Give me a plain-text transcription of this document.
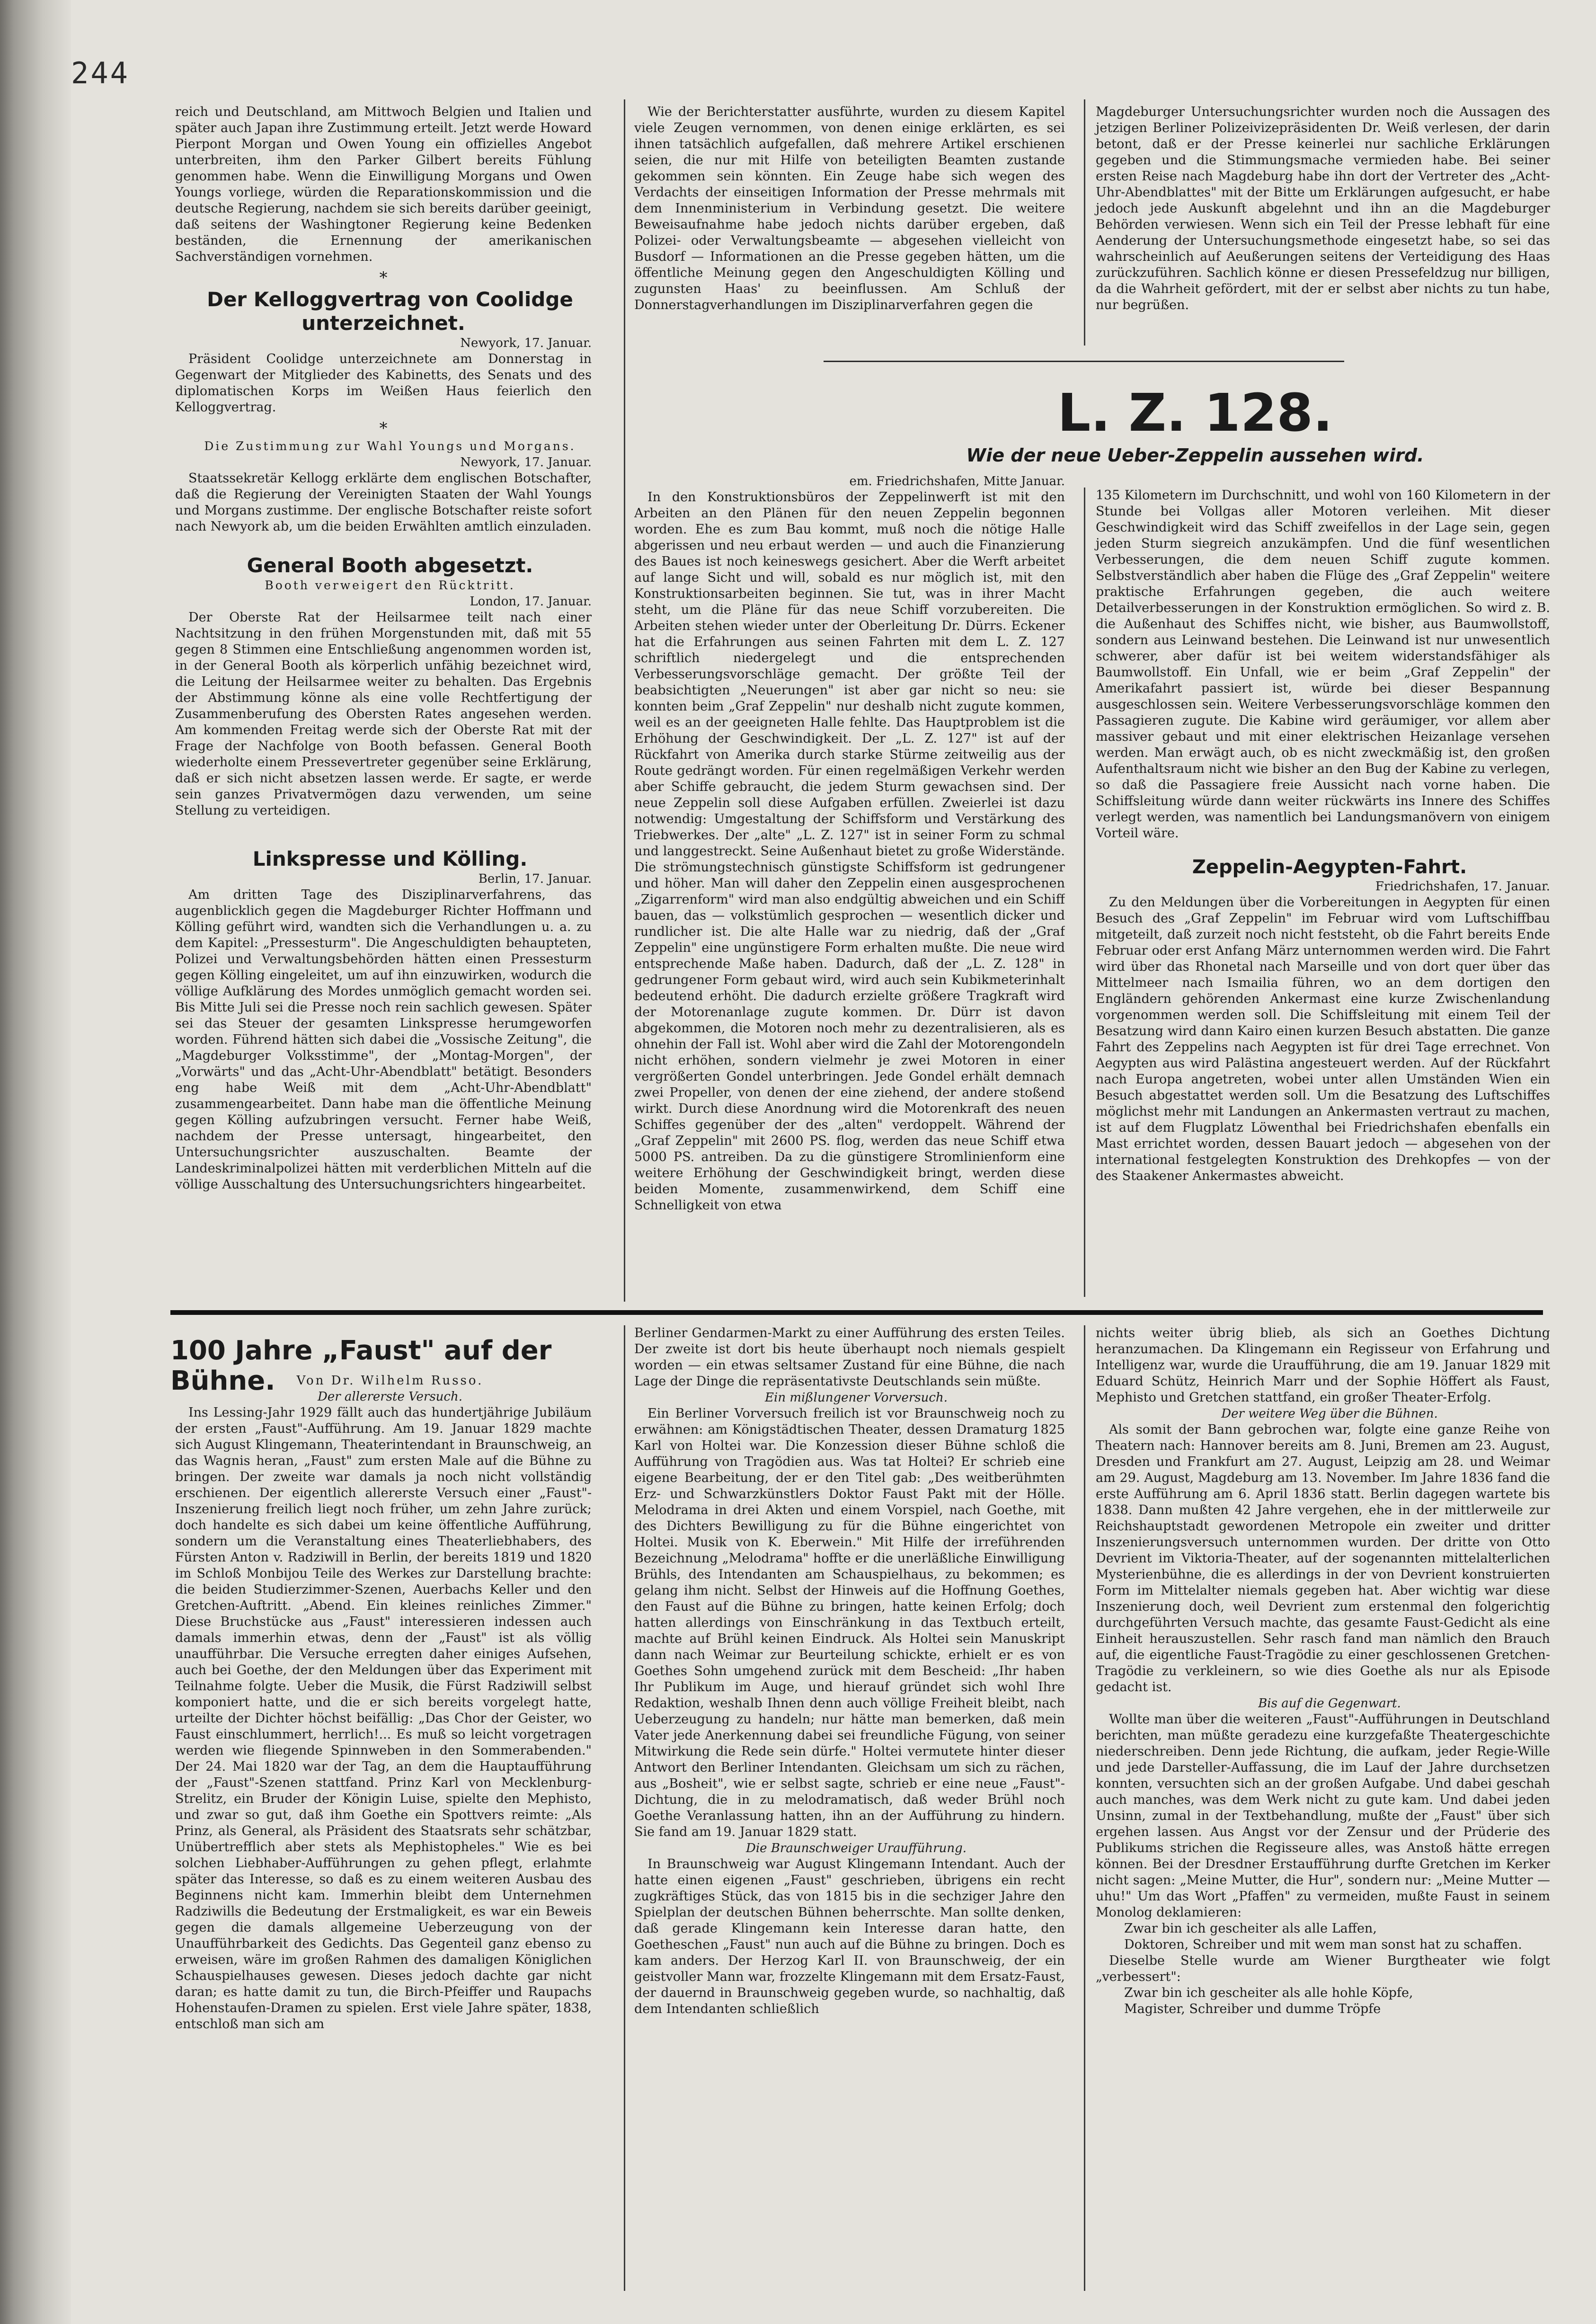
244

reich und Deutschland, am Mittwoch Belgien und Italien und später auch Japan ihre Zustimmung erteilt. Jetzt werde Howard Pierpont Morgan und Owen Young ein offizielles Angebot unterbreiten, ihm den Parker Gilbert bereits Fühlung genommen habe. Wenn die Einwilligung Morgans und Owen Youngs vorliege, würden die Reparationskommission und die deutsche Regierung, nachdem sie sich bereits darüber geeinigt, daß seitens der Washingtoner Regierung keine Bedenken beständen, die Ernennung der amerikanischen Sachverständigen vornehmen.

*

Der Kelloggvertrag von Coolidge unterzeichnet.

Newyork, 17. Januar.

Präsident Coolidge unterzeichnete am Donnerstag in Gegenwart der Mitglieder des Kabinetts, des Senats und des diplomatischen Korps im Weißen Haus feierlich den Kelloggvertrag.

*

Die Zustimmung zur Wahl Youngs und Morgans.

Newyork, 17. Januar.

Staatssekretär Kellogg erklärte dem englischen Botschafter, daß die Regierung der Vereinigten Staaten der Wahl Youngs und Morgans zustimme. Der englische Botschafter reiste sofort nach Newyork ab, um die beiden Erwählten amtlich einzuladen.

General Booth abgesetzt.

Booth verweigert den Rücktritt.

London, 17. Januar.

Der Oberste Rat der Heilsarmee teilt nach einer Nachtsitzung in den frühen Morgenstunden mit, daß mit 55 gegen 8 Stimmen eine Entschließung angenommen worden ist, in der General Booth als körperlich unfähig bezeichnet wird, die Leitung der Heilsarmee weiter zu behalten. Das Ergebnis der Abstimmung könne als eine volle Rechtfertigung der Zusammenberufung des Obersten Rates angesehen werden. Am kommenden Freitag werde sich der Oberste Rat mit der Frage der Nachfolge von Booth befassen. General Booth wiederholte einem Pressevertreter gegenüber seine Erklärung, daß er sich nicht absetzen lassen werde. Er sagte, er werde sein ganzes Privatvermögen dazu verwenden, um seine Stellung zu verteidigen.

Linkspresse und Kölling.

Berlin, 17. Januar.

Am dritten Tage des Disziplinarverfahrens, das augenblicklich gegen die Magdeburger Richter Hoffmann und Kölling geführt wird, wandten sich die Verhandlungen u. a. zu dem Kapitel: „Pressesturm". Die Angeschuldigten behaupteten, Polizei und Verwaltungsbehörden hätten einen Pressesturm gegen Kölling eingeleitet, um auf ihn einzuwirken, wodurch die völlige Aufklärung des Mordes unmöglich gemacht worden sei. Bis Mitte Juli sei die Presse noch rein sachlich gewesen. Später sei das Steuer der gesamten Linkspresse herumgeworfen worden. Führend hätten sich dabei die „Vossische Zeitung", die „Magdeburger Volksstimme", der „Montag-Morgen", der „Vorwärts" und das „Acht-Uhr-Abendblatt" betätigt. Besonders eng habe Weiß mit dem „Acht-Uhr-Abendblatt" zusammengearbeitet. Dann habe man die öffentliche Meinung gegen Kölling aufzubringen versucht. Ferner habe Weiß, nachdem der Presse untersagt, hingearbeitet, den Untersuchungsrichter auszuschalten. Beamte der Landeskriminalpolizei hätten mit verderblichen Mitteln auf die völlige Ausschaltung des Untersuchungsrichters hingearbeitet.

Wie der Berichterstatter ausführte, wurden zu diesem Kapitel viele Zeugen vernommen, von denen einige erklärten, es sei ihnen tatsächlich aufgefallen, daß mehrere Artikel erschienen seien, die nur mit Hilfe von beteiligten Beamten zustande gekommen sein könnten. Ein Zeuge habe sich wegen des Verdachts der einseitigen Information der Presse mehrmals mit dem Innenministerium in Verbindung gesetzt. Die weitere Beweisaufnahme habe jedoch nichts darüber ergeben, daß Polizei- oder Verwaltungsbeamte — abgesehen vielleicht von Busdorf — Informationen an die Presse gegeben hätten, um die öffentliche Meinung gegen den Angeschuldigten Kölling und zugunsten Haas' zu beeinflussen. Am Schluß der Donnerstagverhandlungen im Disziplinarverfahren gegen die

Magdeburger Untersuchungsrichter wurden noch die Aussagen des jetzigen Berliner Polizeivizepräsidenten Dr. Weiß verlesen, der darin betont, daß er der Presse keinerlei nur sachliche Erklärungen gegeben und die Stimmungsmache vermieden habe. Bei seiner ersten Reise nach Magdeburg habe ihn dort der Vertreter des „Acht-Uhr-Abendblattes" mit der Bitte um Erklärungen aufgesucht, er habe jedoch jede Auskunft abgelehnt und ihn an die Magdeburger Behörden verwiesen. Wenn sich ein Teil der Presse lebhaft für eine Aenderung der Untersuchungsmethode eingesetzt habe, so sei das wahrscheinlich auf Aeußerungen seitens der Verteidigung des Haas zurückzuführen. Sachlich könne er diesen Pressefeldzug nur billigen, da die Wahrheit gefördert, mit der er selbst aber nichts zu tun habe, nur begrüßen.

L. Z. 128.

Wie der neue Ueber-Zeppelin aussehen wird.

em. Friedrichshafen, Mitte Januar.

In den Konstruktionsbüros der Zeppelinwerft ist mit den Arbeiten an den Plänen für den neuen Zeppelin begonnen worden. Ehe es zum Bau kommt, muß noch die nötige Halle abgerissen und neu erbaut werden — und auch die Finanzierung des Baues ist noch keineswegs gesichert. Aber die Werft arbeitet auf lange Sicht und will, sobald es nur möglich ist, mit den Konstruktionsarbeiten beginnen. Sie tut, was in ihrer Macht steht, um die Pläne für das neue Schiff vorzubereiten. Die Arbeiten stehen wieder unter der Oberleitung Dr. Dürrs. Eckener hat die Erfahrungen aus seinen Fahrten mit dem L. Z. 127 schriftlich niedergelegt und die entsprechenden Verbesserungsvorschläge gemacht. Der größte Teil der beabsichtigten „Neuerungen" ist aber gar nicht so neu: sie konnten beim „Graf Zeppelin" nur deshalb nicht zugute kommen, weil es an der geeigneten Halle fehlte. Das Hauptproblem ist die Erhöhung der Geschwindigkeit. Der „L. Z. 127" ist auf der Rückfahrt von Amerika durch starke Stürme zeitweilig aus der Route gedrängt worden. Für einen regelmäßigen Verkehr werden aber Schiffe gebraucht, die jedem Sturm gewachsen sind. Der neue Zeppelin soll diese Aufgaben erfüllen. Zweierlei ist dazu notwendig: Umgestaltung der Schiffsform und Verstärkung des Triebwerkes. Der „alte" „L. Z. 127" ist in seiner Form zu schmal und langgestreckt. Seine Außenhaut bietet zu große Widerstände. Die strömungstechnisch günstigste Schiffsform ist gedrungener und höher. Man will daher den Zeppelin einen ausgesprochenen „Zigarrenform" wird man also endgültig abweichen und ein Schiff bauen, das — volkstümlich gesprochen — wesentlich dicker und rundlicher ist. Die alte Halle war zu niedrig, daß der „Graf Zeppelin" eine ungünstigere Form erhalten mußte. Die neue wird entsprechende Maße haben. Dadurch, daß der „L. Z. 128" in gedrungener Form gebaut wird, wird auch sein Kubikmeterinhalt bedeutend erhöht. Die dadurch erzielte größere Tragkraft wird der Motorenanlage zugute kommen. Dr. Dürr ist davon abgekommen, die Motoren noch mehr zu dezentralisieren, als es ohnehin der Fall ist. Wohl aber wird die Zahl der Motorengondeln nicht erhöhen, sondern vielmehr je zwei Motoren in einer vergrößerten Gondel unterbringen. Jede Gondel erhält demnach zwei Propeller, von denen der eine ziehend, der andere stoßend wirkt. Durch diese Anordnung wird die Motorenkraft des neuen Schiffes gegenüber der des „alten" verdoppelt. Während der „Graf Zeppelin" mit 2600 PS. flog, werden das neue Schiff etwa 5000 PS. antreiben. Da zu die günstigere Stromlinienform eine weitere Erhöhung der Geschwindigkeit bringt, werden diese beiden Momente, zusammenwirkend, dem Schiff eine Schnelligkeit von etwa

135 Kilometern im Durchschnitt, und wohl von 160 Kilometern in der Stunde bei Vollgas aller Motoren verleihen. Mit dieser Geschwindigkeit wird das Schiff zweifellos in der Lage sein, gegen jeden Sturm siegreich anzukämpfen. Und die fünf wesentlichen Verbesserungen, die dem neuen Schiff zugute kommen. Selbstverständlich aber haben die Flüge des „Graf Zeppelin" weitere praktische Erfahrungen gegeben, die auch weitere Detailverbesserungen in der Konstruktion ermöglichen. So wird z. B. die Außenhaut des Schiffes nicht, wie bisher, aus Baumwollstoff, sondern aus Leinwand bestehen. Die Leinwand ist nur unwesentlich schwerer, aber dafür ist bei weitem widerstandsfähiger als Baumwollstoff. Ein Unfall, wie er beim „Graf Zeppelin" der Amerikafahrt passiert ist, würde bei dieser Bespannung ausgeschlossen sein. Weitere Verbesserungsvorschläge kommen den Passagieren zugute. Die Kabine wird geräumiger, vor allem aber massiver gebaut und mit einer elektrischen Heizanlage versehen werden. Man erwägt auch, ob es nicht zweckmäßig ist, den großen Aufenthaltsraum nicht wie bisher an den Bug der Kabine zu verlegen, so daß die Passagiere freie Aussicht nach vorne haben. Die Schiffsleitung würde dann weiter rückwärts ins Innere des Schiffes verlegt werden, was namentlich bei Landungsmanövern von einigem Vorteil wäre.

Zeppelin-Aegypten-Fahrt.

Friedrichshafen, 17. Januar.

Zu den Meldungen über die Vorbereitungen in Aegypten für einen Besuch des „Graf Zeppelin" im Februar wird vom Luftschiffbau mitgeteilt, daß zurzeit noch nicht feststeht, ob die Fahrt bereits Ende Februar oder erst Anfang März unternommen werden wird. Die Fahrt wird über das Rhonetal nach Marseille und von dort quer über das Mittelmeer nach Ismailia führen, wo an dem dortigen den Engländern gehörenden Ankermast eine kurze Zwischenlandung vorgenommen werden soll. Die Schiffsleitung mit einem Teil der Besatzung wird dann Kairo einen kurzen Besuch abstatten. Die ganze Fahrt des Zeppelins nach Aegypten ist für drei Tage errechnet. Von Aegypten aus wird Palästina angesteuert werden. Auf der Rückfahrt nach Europa angetreten, wobei unter allen Umständen Wien ein Besuch abgestattet werden soll. Um die Besatzung des Luftschiffes möglichst mehr mit Landungen an Ankermasten vertraut zu machen, ist auf dem Flugplatz Löwenthal bei Friedrichshafen ebenfalls ein Mast errichtet worden, dessen Bauart jedoch — abgesehen von der international festgelegten Konstruktion des Drehkopfes — von der des Staakener Ankermastes abweicht.

100 Jahre „Faust" auf der Bühne.	Von Dr. Wilhelm Russo.

Der allererste Versuch.

Ins Lessing-Jahr 1929 fällt auch das hundertjährige Jubiläum der ersten „Faust"-Aufführung. Am 19. Januar 1829 machte sich August Klingemann, Theaterintendant in Braunschweig, an das Wagnis heran, „Faust" zum ersten Male auf die Bühne zu bringen. Der zweite war damals ja noch nicht vollständig erschienen. Der eigentlich allererste Versuch einer „Faust"-Inszenierung freilich liegt noch früher, um zehn Jahre zurück; doch handelte es sich dabei um keine öffentliche Aufführung, sondern um die Veranstaltung eines Theaterliebhabers, des Fürsten Anton v. Radziwill in Berlin, der bereits 1819 und 1820 im Schloß Monbijou Teile des Werkes zur Darstellung brachte: die beiden Studierzimmer-Szenen, Auerbachs Keller und den Gretchen-Auftritt. „Abend. Ein kleines reinliches Zimmer." Diese Bruchstücke aus „Faust" interessieren indessen auch damals immerhin etwas, denn der „Faust" ist als völlig unaufführbar. Die Versuche erregten daher einiges Aufsehen, auch bei Goethe, der den Meldungen über das Experiment mit Teilnahme folgte. Ueber die Musik, die Fürst Radziwill selbst komponiert hatte, und die er sich bereits vorgelegt hatte, urteilte der Dichter höchst beifällig: „Das Chor der Geister, wo Faust einschlummert, herrlich!... Es muß so leicht vorgetragen werden wie fliegende Spinnweben in den Sommerabenden." Der 24. Mai 1820 war der Tag, an dem die Hauptaufführung der „Faust"-Szenen stattfand. Prinz Karl von Mecklenburg-Strelitz, ein Bruder der Königin Luise, spielte den Mephisto, und zwar so gut, daß ihm Goethe ein Spottvers reimte: „Als Prinz, als General, als Präsident des Staatsrats sehr schätzbar, Unübertrefflich aber stets als Mephistopheles." Wie es bei solchen Liebhaber-Aufführungen zu gehen pflegt, erlahmte später das Interesse, so daß es zu einem weiteren Ausbau des Beginnens nicht kam. Immerhin bleibt dem Unternehmen Radziwills die Bedeutung der Erstmaligkeit, es war ein Beweis gegen die damals allgemeine Ueberzeugung von der Unaufführbarkeit des Gedichts. Das Gegenteil ganz ebenso zu erweisen, wäre im großen Rahmen des damaligen Königlichen Schauspielhauses gewesen. Dieses jedoch dachte gar nicht daran; es hatte damit zu tun, die Birch-Pfeiffer und Raupachs Hohenstaufen-Dramen zu spielen. Erst viele Jahre später, 1838, entschloß man sich am

Berliner Gendarmen-Markt zu einer Aufführung des ersten Teiles. Der zweite ist dort bis heute überhaupt noch niemals gespielt worden — ein etwas seltsamer Zustand für eine Bühne, die nach Lage der Dinge die repräsentativste Deutschlands sein müßte.

Ein mißlungener Vorversuch.

Ein Berliner Vorversuch freilich ist vor Braunschweig noch zu erwähnen: am Königstädtischen Theater, dessen Dramaturg 1825 Karl von Holtei war. Die Konzession dieser Bühne schloß die Aufführung von Tragödien aus. Was tat Holtei? Er schrieb eine eigene Bearbeitung, der er den Titel gab: „Des weitberühmten Erz- und Schwarzkünstlers Doktor Faust Pakt mit der Hölle. Melodrama in drei Akten und einem Vorspiel, nach Goethe, mit des Dichters Bewilligung zu für die Bühne eingerichtet von Holtei. Musik von K. Eberwein." Mit Hilfe der irreführenden Bezeichnung „Melodrama" hoffte er die unerläßliche Einwilligung Brühls, des Intendanten am Schauspielhaus, zu bekommen; es gelang ihm nicht. Selbst der Hinweis auf die Hoffnung Goethes, den Faust auf die Bühne zu bringen, hatte keinen Erfolg; doch hatten allerdings von Einschränkung in das Textbuch erteilt, machte auf Brühl keinen Eindruck. Als Holtei sein Manuskript dann nach Weimar zur Beurteilung schickte, erhielt er es von Goethes Sohn umgehend zurück mit dem Bescheid: „Ihr haben Ihr Publikum im Auge, und hierauf gründet sich wohl Ihre Redaktion, weshalb Ihnen denn auch völlige Freiheit bleibt, nach Ueberzeugung zu handeln; nur hätte man bemerken, daß mein Vater jede Anerkennung dabei sei freundliche Fügung, von seiner Mitwirkung die Rede sein dürfe." Holtei vermutete hinter dieser Antwort den Berliner Intendanten. Gleichsam um sich zu rächen, aus „Bosheit", wie er selbst sagte, schrieb er eine neue „Faust"-Dichtung, die in zu melodramatisch, daß weder Brühl noch Goethe Veranlassung hatten, ihn an der Aufführung zu hindern. Sie fand am 19. Januar 1829 statt.

Die Braunschweiger Uraufführung.

In Braunschweig war August Klingemann Intendant. Auch der hatte einen eigenen „Faust" geschrieben, übrigens ein recht zugkräftiges Stück, das von 1815 bis in die sechziger Jahre den Spielplan der deutschen Bühnen beherrschte. Man sollte denken, daß gerade Klingemann kein Interesse daran hatte, den Goetheschen „Faust" nun auch auf die Bühne zu bringen. Doch es kam anders. Der Herzog Karl II. von Braunschweig, der ein geistvoller Mann war, frozzelte Klingemann mit dem Ersatz-Faust, der dauernd in Braunschweig gegeben wurde, so nachhaltig, daß dem Intendanten schließlich

nichts weiter übrig blieb, als sich an Goethes Dichtung heranzumachen. Da Klingemann ein Regisseur von Erfahrung und Intelligenz war, wurde die Uraufführung, die am 19. Januar 1829 mit Eduard Schütz, Heinrich Marr und der Sophie Höffert als Faust, Mephisto und Gretchen stattfand, ein großer Theater-Erfolg.

Der weitere Weg über die Bühnen.

Als somit der Bann gebrochen war, folgte eine ganze Reihe von Theatern nach: Hannover bereits am 8. Juni, Bremen am 23. August, Dresden und Frankfurt am 27. August, Leipzig am 28. und Weimar am 29. August, Magdeburg am 13. November. Im Jahre 1836 fand die erste Aufführung am 6. April 1836 statt. Berlin dagegen wartete bis 1838. Dann mußten 42 Jahre vergehen, ehe in der mittlerweile zur Reichshauptstadt gewordenen Metropole ein zweiter und dritter Inszenierungsversuch unternommen wurden. Der dritte von Otto Devrient im Viktoria-Theater, auf der sogenannten mittelalterlichen Mysterienbühne, die es allerdings in der von Devrient konstruierten Form im Mittelalter niemals gegeben hat. Aber wichtig war diese Inszenierung doch, weil Devrient zum erstenmal den folgerichtig durchgeführten Versuch machte, das gesamte Faust-Gedicht als eine Einheit herauszustellen. Sehr rasch fand man nämlich den Brauch auf, die eigentliche Faust-Tragödie zu einer geschlossenen Gretchen-Tragödie zu verkleinern, so wie dies Goethe als nur als Episode gedacht ist.

Bis auf die Gegenwart.

Wollte man über die weiteren „Faust"-Aufführungen in Deutschland berichten, man müßte geradezu eine kurzgefaßte Theatergeschichte niederschreiben. Denn jede Richtung, die aufkam, jeder Regie-Wille und jede Darsteller-Auffassung, die im Lauf der Jahre durchsetzen konnten, versuchten sich an der großen Aufgabe. Und dabei geschah auch manches, was dem Werk nicht zu gute kam. Und dabei jeden Unsinn, zumal in der Textbehandlung, mußte der „Faust" über sich ergehen lassen. Aus Angst vor der Zensur und der Prüderie des Publikums strichen die Regisseure alles, was Anstoß hätte erregen können. Bei der Dresdner Erstaufführung durfte Gretchen im Kerker nicht sagen: „Meine Mutter, die Hur", sondern nur: „Meine Mutter — uhu!" Um das Wort „Pfaffen" zu vermeiden, mußte Faust in seinem Monolog deklamieren:

Zwar bin ich gescheiter als alle Laffen,
Doktoren, Schreiber und mit wem man sonst hat zu schaffen.

Dieselbe Stelle wurde am Wiener Burgtheater wie folgt „verbessert":

Zwar bin ich gescheiter als alle hohle Köpfe,
Magister, Schreiber und dumme Tröpfe
